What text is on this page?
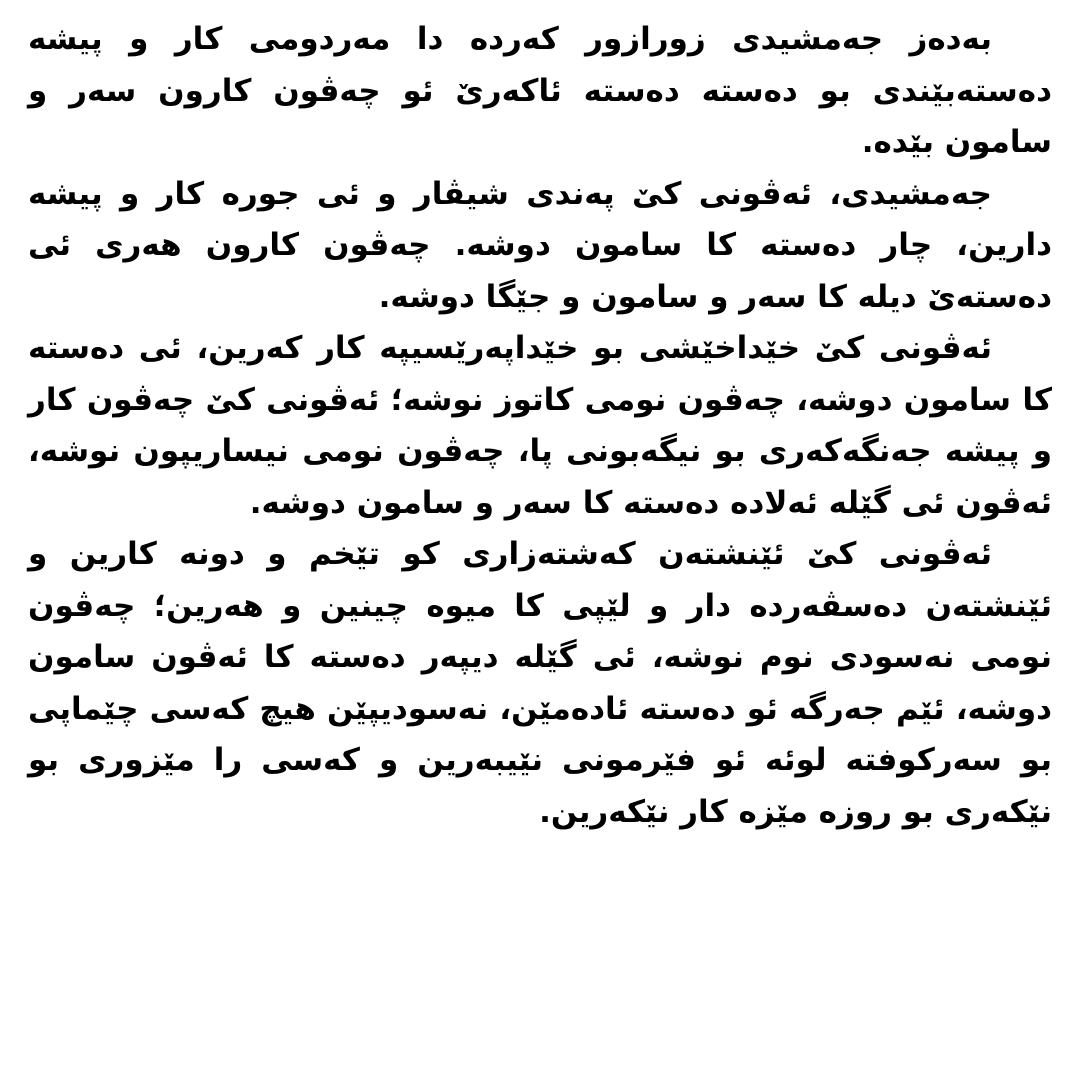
بەدەز جەمشیدی زورازور کەردە دا مەردومی کار و پیشە دەستەبێندی بو دەستە دەستە ئاکەرێ ئو چەڤون کارون سەر و سامون بێدە.

جەمشیدی، ئەڤونی کێ پەندی شیڤار و ئی جورە کار و پیشە دارین، چار دەستە کا سامون دوشە. چەڤون کارون هەری ئی دەستەێ دیلە کا سەر و سامون و جێگا دوشە.

ئەڤونی کێ خێداخێشی بو خێداپەرێسیپە کار کەرین، ئی دەستە کا سامون دوشە، چەڤون نومی کاتوز نوشە؛ ئەڤونی کێ چەڤون کار و پیشە جەنگەکەری بو نیگەبونی پا، چەڤون نومی نیساریپون نوشە، ئەڤون ئی گێلە ئەلادە دەستە کا سەر و سامون دوشە.

ئەڤونی کێ ئێنشتەن کەشتەزاری کو تێخم و دونە کارین و ئێنشتەن دەسڤەردە دار و لێپی کا میوە چینین و هەرین؛ چەڤون نومی نەسودی نوم نوشە، ئی گێلە دیپەر دەستە کا ئەڤون سامون دوشە، ئێم جەرگە ئو دەستە ئادەمێن، نەسودیپێن هیچ کەسی چێماپی بو سەرکوفتە لوئە ئو فێرمونی نێیبەرین و کەسی را مێزوری بو نێکەری بو روزە مێزە کار نێکەرین.
